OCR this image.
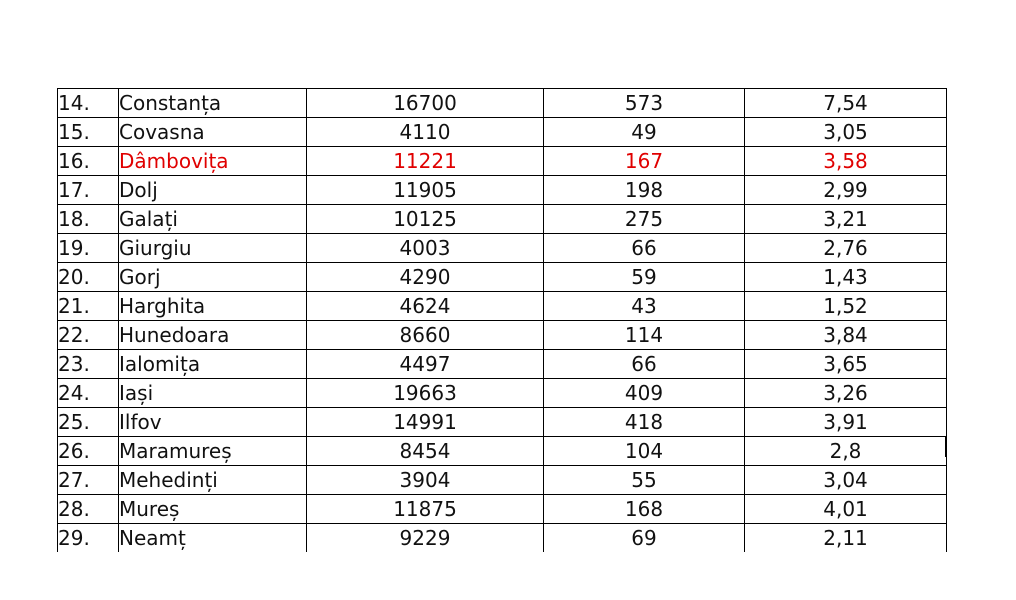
14.	Constanța	16700	573	7,54
15.	Covasna	4110	49	3,05
16.	Dâmbovița	11221	167	3,58
17.	Dolj	11905	198	2,99
18.	Galați	10125	275	3,21
19.	Giurgiu	4003	66	2,76
20.	Gorj	4290	59	1,43
21.	Harghita	4624	43	1,52
22.	Hunedoara	8660	114	3,84
23.	Ialomița	4497	66	3,65
24.	Iași	19663	409	3,26
25.	Ilfov	14991	418	3,91
26.	Maramureș	8454	104	2,8
27.	Mehedinți	3904	55	3,04
28.	Mureș	11875	168	4,01
29.	Neamț	9229	69	2,11
